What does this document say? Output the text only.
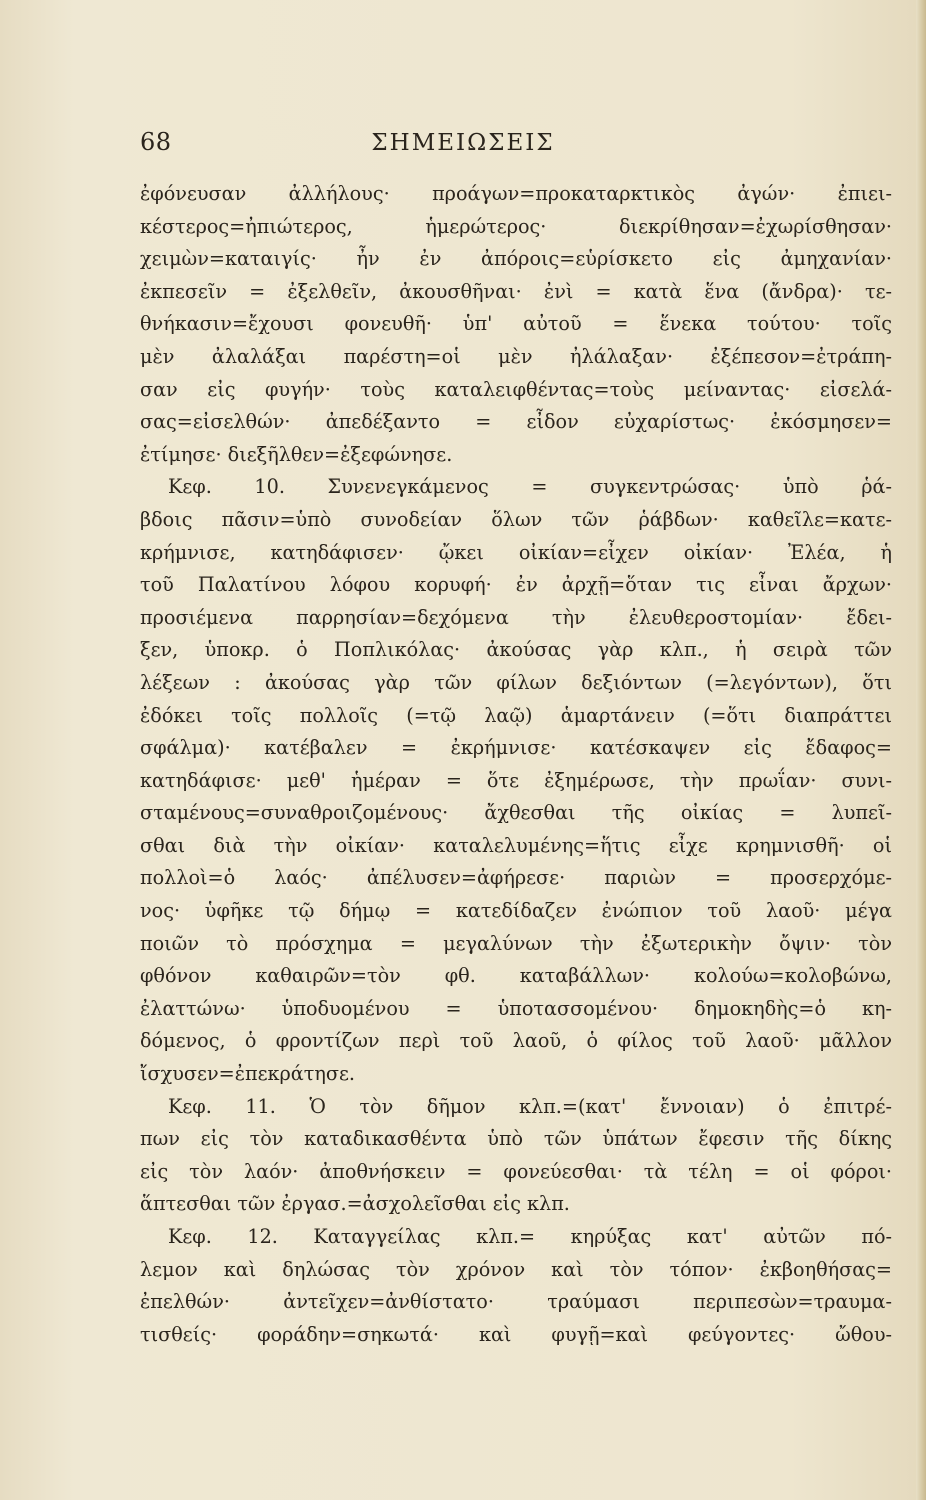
68	ΣΗΜΕΙΩΣΕΙΣ
ἐφόνευσαν ἀλλήλους· προάγων=προκαταρκτικὸς ἀγών· ἐπιει-
κέστερος=ἠπιώτερος, ἡμερώτερος· διεκρίθησαν=ἐχωρίσθησαν·
χειμὼν=καταιγίς· ἦν ἐν ἀπόροις=εὑρίσκετο εἰς ἀμηχανίαν·
ἐκπεσεῖν = ἐξελθεῖν, ἀκουσθῆναι· ἐνὶ = κατὰ ἕνα (ἄνδρα)· τε-
θνήκασιν=ἔχουσι φονευθῆ· ὑπ' αὐτοῦ = ἕνεκα τούτου· τοῖς
μὲν ἀλαλάξαι παρέστη=οἱ μὲν ἠλάλαξαν· ἐξέπεσον=ἐτράπη-
σαν εἰς φυγήν· τοὺς καταλειφθέντας=τοὺς μείναντας· εἰσελά-
σας=εἰσελθών· ἀπεδέξαντο = εἶδον εὐχαρίστως· ἐκόσμησεν=
ἐτίμησε· διεξῆλθεν=ἐξεφώνησε.
Κεφ. 10. Συνενεγκάμενος = συγκεντρώσας· ὑπὸ ῥά-
βδοις πᾶσιν=ὑπὸ συνοδείαν ὅλων τῶν ῥάβδων· καθεῖλε=κατε-
κρήμνισε, κατηδάφισεν· ᾤκει οἰκίαν=εἶχεν οἰκίαν· Ἐλέα, ἡ
τοῦ Παλατίνου λόφου κορυφή· ἐν ἀρχῇ=ὅταν τις εἶναι ἄρχων·
προσιέμενα παρρησίαν=δεχόμενα τὴν ἐλευθεροστομίαν· ἔδει-
ξεν, ὑποκρ. ὁ Ποπλικόλας· ἀκούσας γὰρ κλπ., ἡ σειρὰ τῶν
λέξεων : ἀκούσας γὰρ τῶν φίλων δεξιόντων (=λεγόντων), ὅτι
ἐδόκει τοῖς πολλοῖς (=τῷ λαῷ) ἁμαρτάνειν (=ὅτι διαπράττει
σφάλμα)· κατέβαλεν = ἐκρήμνισε· κατέσκαψεν εἰς ἔδαφος=
κατηδάφισε· μεθ' ἡμέραν = ὅτε ἐξημέρωσε, τὴν πρωΐαν· συνι-
σταμένους=συναθροιζομένους· ἄχθεσθαι τῆς οἰκίας = λυπεῖ-
σθαι διὰ τὴν οἰκίαν· καταλελυμένης=ἥτις εἶχε κρημνισθῆ· οἱ
πολλοὶ=ὁ λαός· ἀπέλυσεν=ἀφήρεσε· παριὼν = προσερχόμε-
νος· ὑφῆκε τῷ δήμῳ = κατεδίδαζεν ἐνώπιον τοῦ λαοῦ· μέγα
ποιῶν τὸ πρόσχημα = μεγαλύνων τὴν ἐξωτερικὴν ὄψιν· τὸν
φθόνον καθαιρῶν=τὸν φθ. καταβάλλων· κολούω=κολοβώνω,
ἐλαττώνω· ὑποδυομένου = ὑποτασσομένου· δημοκηδὴς=ὁ κη-
δόμενος, ὁ φροντίζων περὶ τοῦ λαοῦ, ὁ φίλος τοῦ λαοῦ· μᾶλλον
ἴσχυσεν=ἐπεκράτησε.
Κεφ. 11. Ὁ τὸν δῆμον κλπ.=(κατ' ἔννοιαν) ὁ ἐπιτρέ-
πων εἰς τὸν καταδικασθέντα ὑπὸ τῶν ὑπάτων ἔφεσιν τῆς δίκης
εἰς τὸν λαόν· ἀποθνήσκειν = φονεύεσθαι· τὰ τέλη = οἱ φόροι·
ἅπτεσθαι τῶν ἐργασ.=ἀσχολεῖσθαι εἰς κλπ.
Κεφ. 12. Καταγγείλας κλπ.= κηρύξας κατ' αὐτῶν πό-
λεμον καὶ δηλώσας τὸν χρόνον καὶ τὸν τόπον· ἐκβοηθήσας=
ἐπελθών· ἀντεῖχεν=ἀνθίστατο· τραύμασι περιπεσὼν=τραυμα-
τισθείς· φοράδην=σηκωτά· καὶ φυγῇ=καὶ φεύγοντες· ὤθου-
